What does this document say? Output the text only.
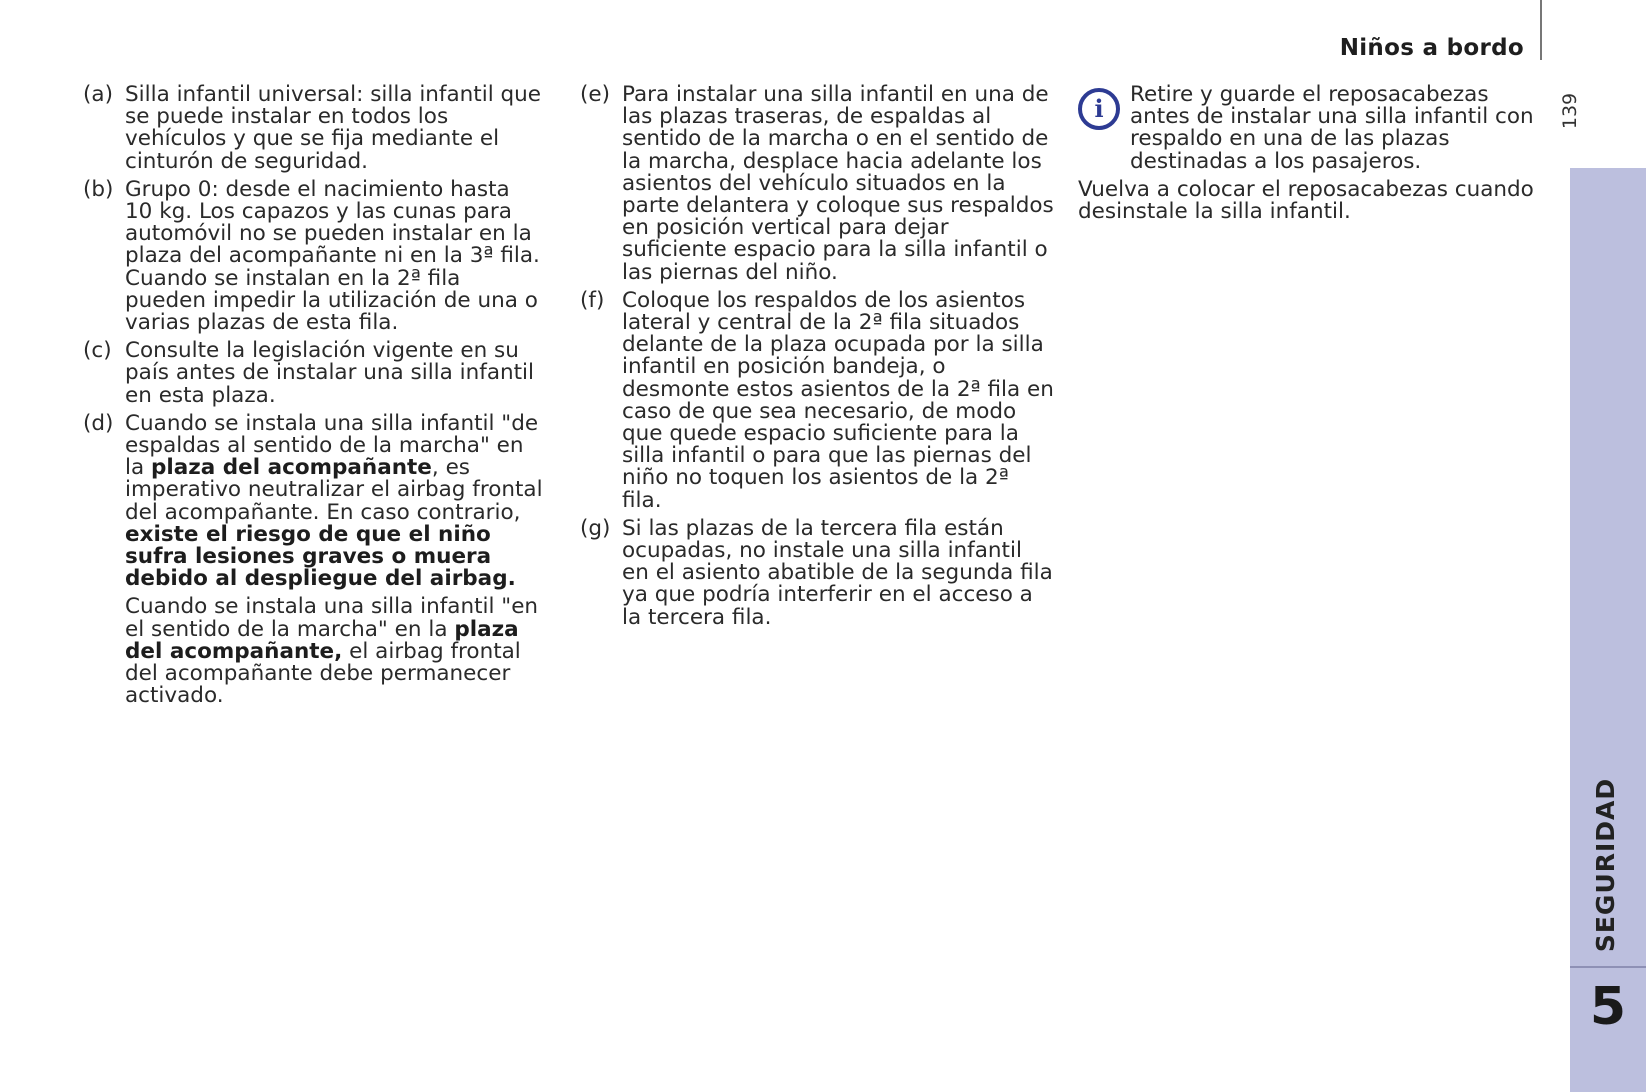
Niños a bordo
139
SEGURIDAD
5
(a) Silla infantil universal: silla infantil que se puede instalar en todos los vehículos y que se fija mediante el cinturón de seguridad.
(b) Grupo 0: desde el nacimiento hasta 10 kg. Los capazos y las cunas para automóvil no se pueden instalar en la plaza del acompañante ni en la 3ª fila. Cuando se instalan en la 2ª fila pueden impedir la utilización de una o varias plazas de esta fila.
(c) Consulte la legislación vigente en su país antes de instalar una silla infantil en esta plaza.
(d) Cuando se instala una silla infantil "de espaldas al sentido de la marcha" en la plaza del acompañante, es imperativo neutralizar el airbag frontal del acompañante. En caso contrario, existe el riesgo de que el niño sufra lesiones graves o muera debido al despliegue del airbag.
Cuando se instala una silla infantil "en el sentido de la marcha" en la plaza del acompañante, el airbag frontal del acompañante debe permanecer activado.
(e) Para instalar una silla infantil en una de las plazas traseras, de espaldas al sentido de la marcha o en el sentido de la marcha, desplace hacia adelante los asientos del vehículo situados en la parte delantera y coloque sus respaldos en posición vertical para dejar suficiente espacio para la silla infantil o las piernas del niño.
(f) Coloque los respaldos de los asientos lateral y central de la 2ª fila situados delante de la plaza ocupada por la silla infantil en posición bandeja, o desmonte estos asientos de la 2ª fila en caso de que sea necesario, de modo que quede espacio suficiente para la silla infantil o para que las piernas del niño no toquen los asientos de la 2ª fila.
(g) Si las plazas de la tercera fila están ocupadas, no instale una silla infantil en el asiento abatible de la segunda fila ya que podría interferir en el acceso a la tercera fila.
i	Retire y guarde el reposacabezas antes de instalar una silla infantil con respaldo en una de las plazas destinadas a los pasajeros.
Vuelva a colocar el reposacabezas cuando desinstale la silla infantil.
